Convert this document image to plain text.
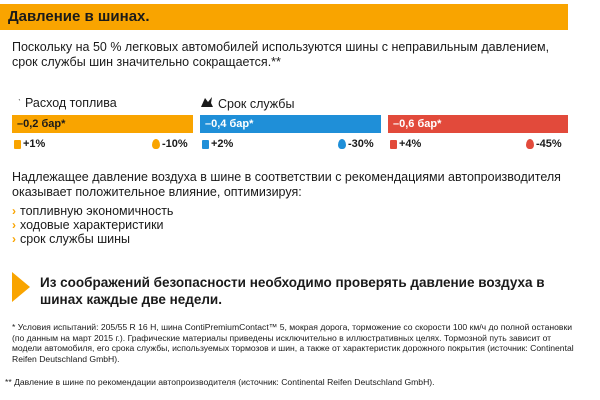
Давление в шинах.
Поскольку на 50 % легковых автомобилей используются шины с неправильным давлением, срок службы шин значительно сокращается.**
ˋ Расход топлива	Срок службы
–0,2 бар*	–0,4 бар*	–0,6 бар*
+1%	-10% +2%	-30% +4%	-45%
Надлежащее давление воздуха в шине в соответствии с рекомендациями автопроизводителя оказывает положительное влияние, оптимизируя:
› топливную экономичность
› ходовые характеристики
› срок службы шины
Из соображений безопасности необходимо проверять давление воздуха в шинах каждые две недели.
* Условия испытаний: 205/55 R 16 H, шина ContiPremiumContact™ 5, мокрая дорога, торможение со скорости 100 км/ч до полной остановки (по данным на март 2015 г.). Графические материалы приведены исключительно в иллюстративных целях. Тормозной путь зависит от модели автомобиля, его срока службы, используемых тормозов и шин, а также от характеристик дорожного покрытия (источник: Continental Reifen Deutschland GmbH).
** Давление в шине по рекомендации автопроизводителя (источник: Continental Reifen Deutschland GmbH).
